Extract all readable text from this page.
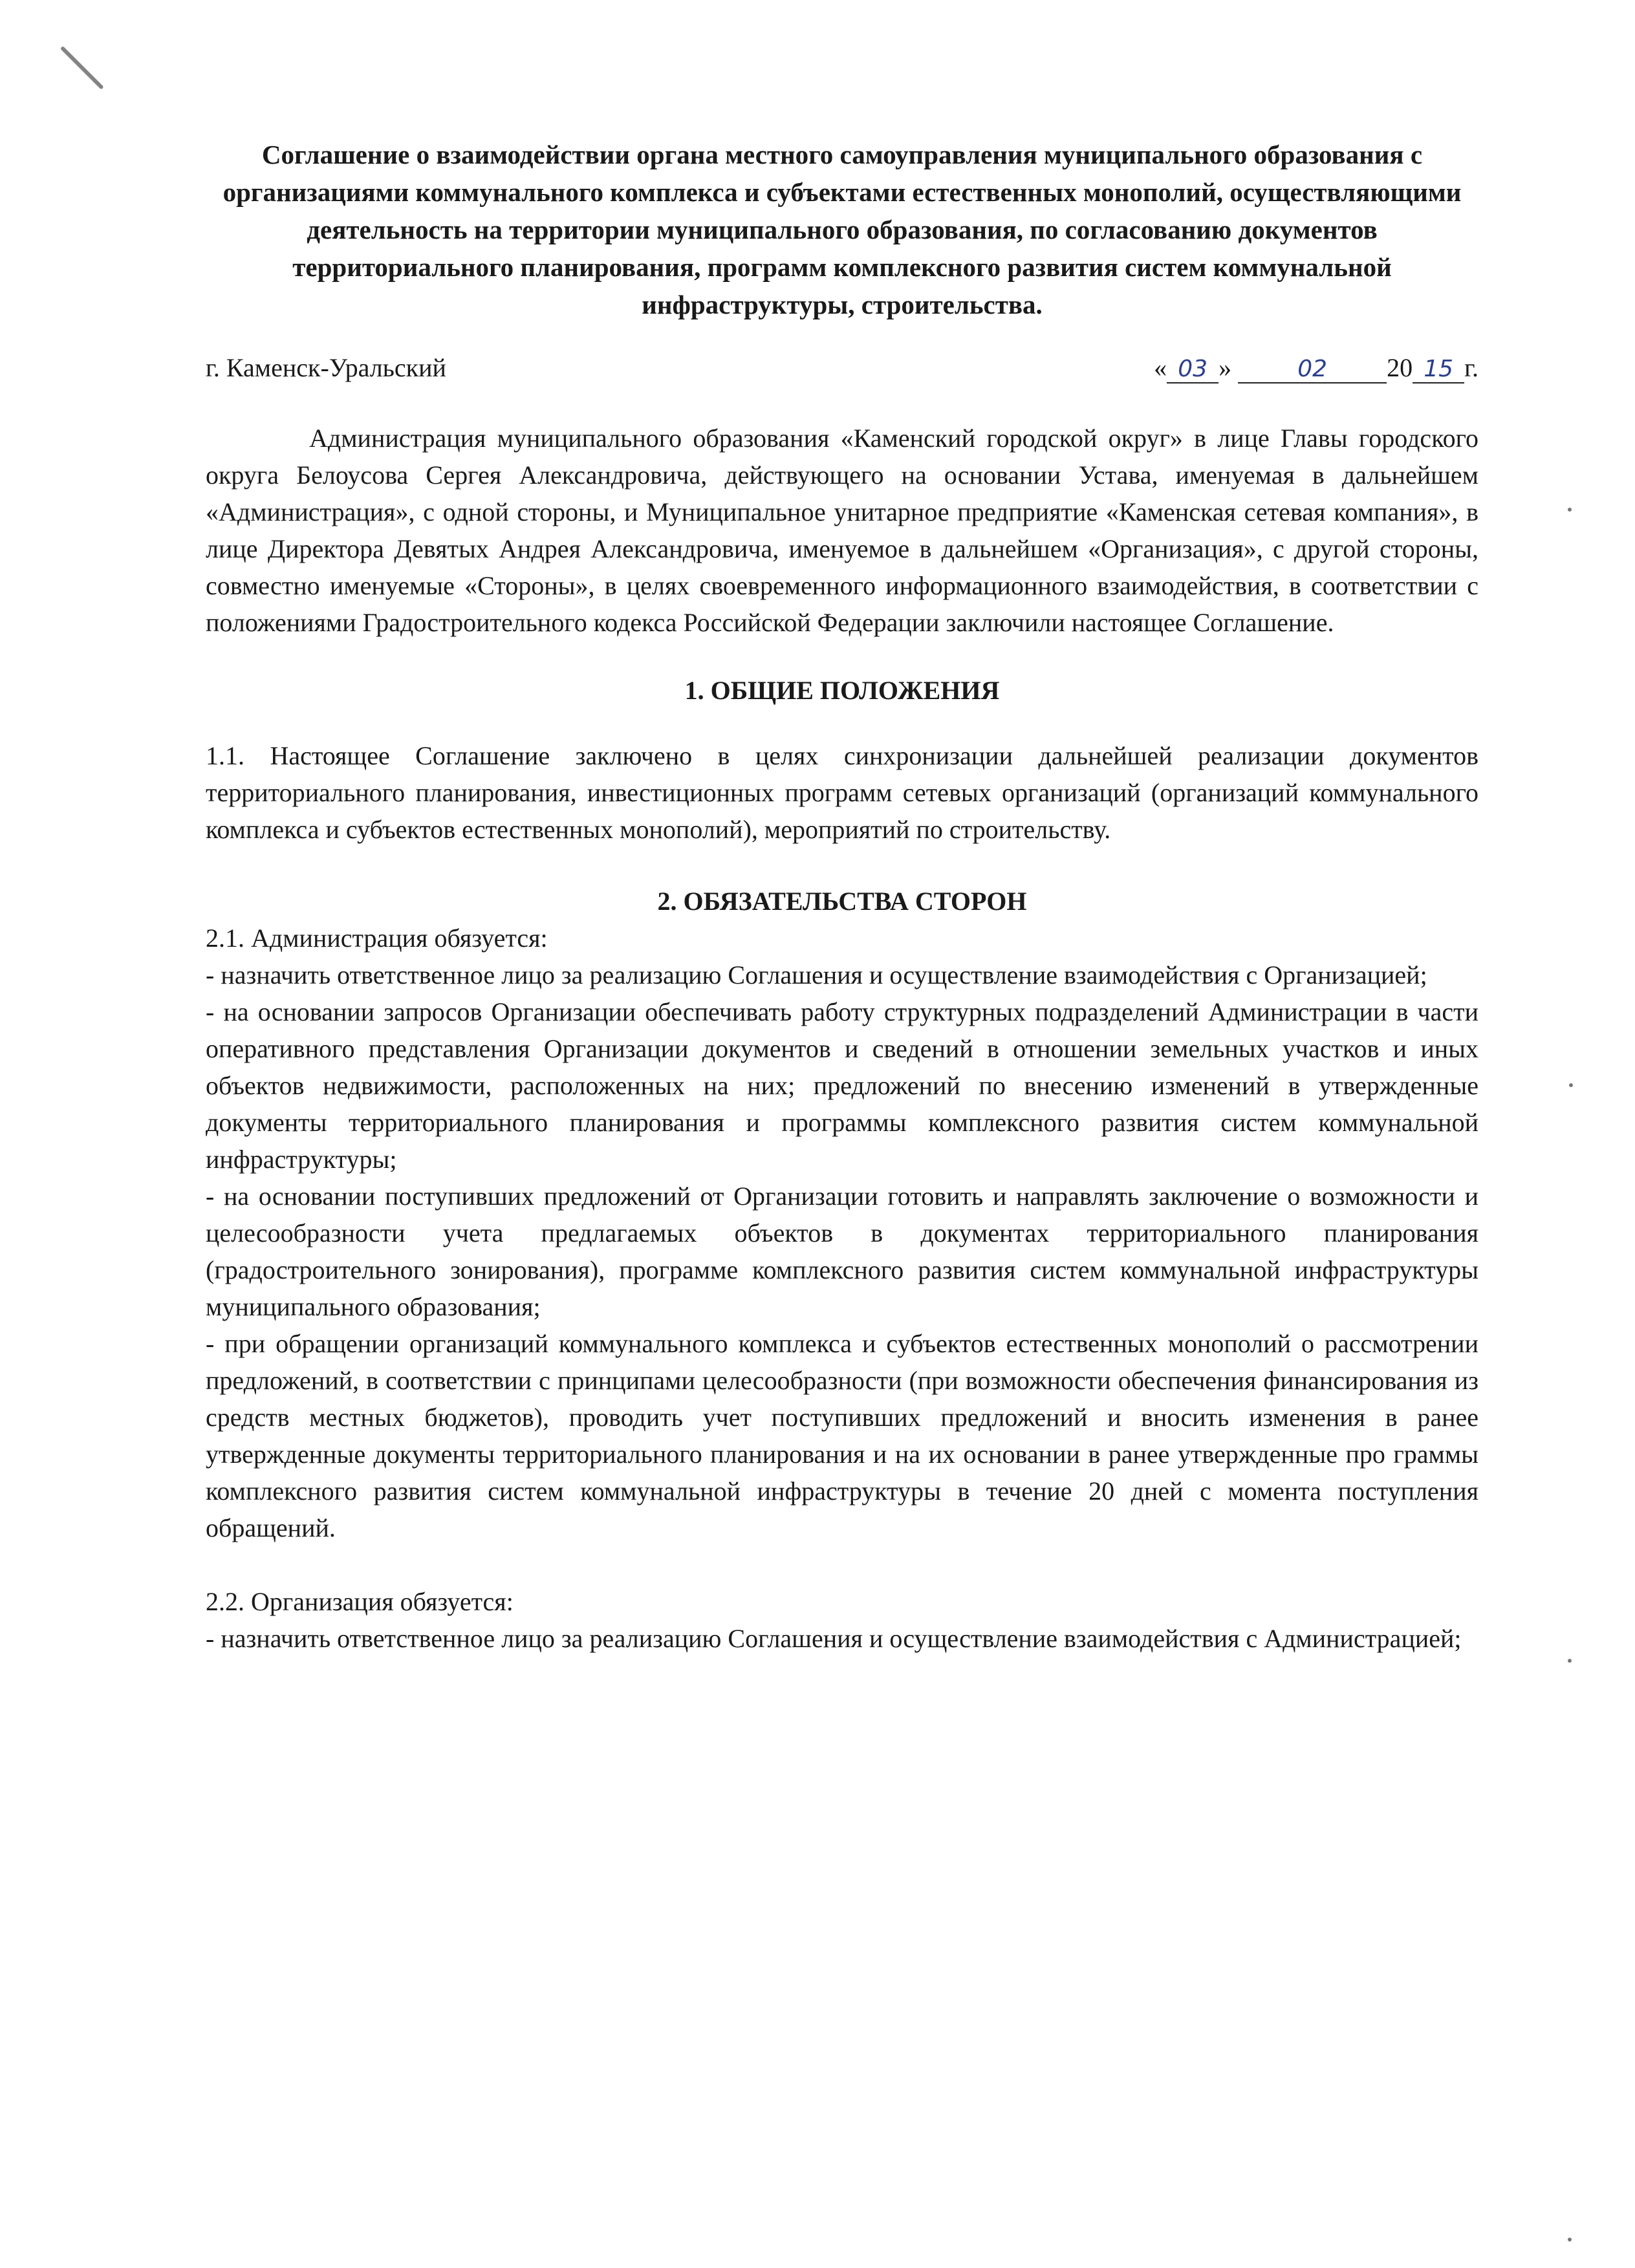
Соглашение о взаимодействии органа местного самоуправления муниципального образования с организациями коммунального комплекса и субъектами естественных монополий, осуществляющими деятельность на территории муниципального образования, по согласованию документов территориального планирования, программ комплексного развития систем коммунальной инфраструктуры, строительства.
г. Каменск-Уральский	« 03 »	02 20 15 г.

Администрация муниципального образования «Каменский городской округ» в лице Главы городского округа Белоусова Сергея Александровича, действующего на основании Устава, именуемая в дальнейшем «Администрация», с одной стороны, и Муниципальное унитарное предприятие «Каменская сетевая компания», в лице Директора Девятых Андрея Александровича, именуемое в дальнейшем «Организация», с другой стороны, совместно именуемые «Стороны», в целях своевременного информационного взаимодействия, в соответствии с положениями Градостроительного кодекса Российской Федерации заключили настоящее Соглашение.

1. ОБЩИЕ ПОЛОЖЕНИЯ

1.1. Настоящее Соглашение заключено в целях синхронизации дальнейшей реализации документов территориального планирования, инвестиционных программ сетевых организаций (организаций коммунального комплекса и субъектов естественных монополий), мероприятий по строительству.

2. ОБЯЗАТЕЛЬСТВА СТОРОН

2.1. Администрация обязуется:

- назначить ответственное лицо за реализацию Соглашения и осуществление взаимодействия с Организацией;

- на основании запросов Организации обеспечивать работу структурных подразделений Администрации в части оперативного представления Организации документов и сведений в отношении земельных участков и иных объектов недвижимости, расположенных на них; предложений по внесению изменений в утвержденные документы территориального планирования и программы комплексного развития систем коммунальной инфраструктуры;

- на основании поступивших предложений от Организации готовить и направлять заключение о возможности и целесообразности учета предлагаемых объектов в документах территориального планирования (градостроительного зонирования), программе комплексного развития систем коммунальной инфраструктуры муниципального образования;

- при обращении организаций коммунального комплекса и субъектов естественных монополий о рассмотрении предложений, в соответствии с принципами целесообразности (при возможности обеспечения финансирования из средств местных бюджетов), проводить учет поступивших предложений и вносить изменения в ранее утвержденные документы территориального планирования и на их основании в ранее утвержденные про граммы комплексного развития систем коммунальной инфраструктуры в течение 20 дней с момента поступления обращений.

2.2. Организация обязуется:

- назначить ответственное лицо за реализацию Соглашения и осуществление взаимодействия с Администрацией;
